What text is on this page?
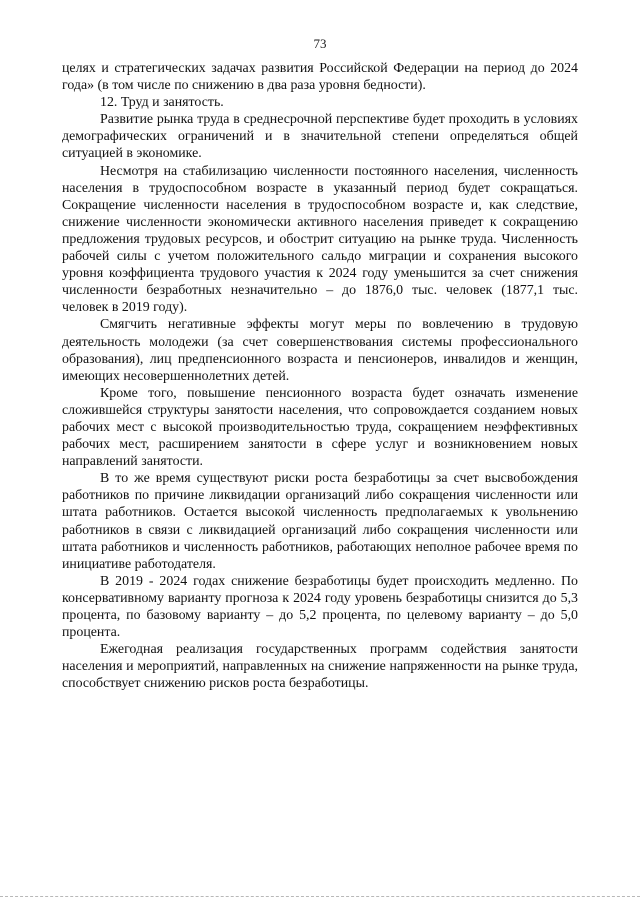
73

целях и стратегических задачах развития Российской Федерации на период до 2024 года» (в том числе по снижению в два раза уровня бедности).

12. Труд и занятость.

Развитие рынка труда в среднесрочной перспективе будет проходить в условиях демографических ограничений и в значительной степени определяться общей ситуацией в экономике.

Несмотря на стабилизацию численности постоянного населения, численность населения в трудоспособном возрасте в указанный период будет сокращаться. Сокращение численности населения в трудоспособном возрасте и, как следствие, снижение численности экономически активного населения приведет к сокращению предложения трудовых ресурсов, и обострит ситуацию на рынке труда. Численность рабочей силы с учетом положительного сальдо миграции и сохранения высокого уровня коэффициента трудового участия к 2024 году уменьшится за счет снижения численности безработных незначительно – до 1876,0 тыс. человек (1877,1 тыс. человек в 2019 году).

Смягчить негативные эффекты могут меры по вовлечению в трудовую деятельность молодежи (за счет совершенствования системы профессионального образования), лиц предпенсионного возраста и пенсионеров, инвалидов и женщин, имеющих несовершеннолетних детей.

Кроме того, повышение пенсионного возраста будет означать изменение сложившейся структуры занятости населения, что сопровождается созданием новых рабочих мест с высокой производительностью труда, сокращением неэффективных рабочих мест, расширением занятости в сфере услуг и возникновением новых направлений занятости.

В то же время существуют риски роста безработицы за счет высвобождения работников по причине ликвидации организаций либо сокращения численности или штата работников. Остается высокой численность предполагаемых к увольнению работников в связи с ликвидацией организаций либо сокращения численности или штата работников и численность работников, работающих неполное рабочее время по инициативе работодателя.

В 2019 - 2024 годах снижение безработицы будет происходить медленно. По консервативному варианту прогноза к 2024 году уровень безработицы снизится до 5,3 процента, по базовому варианту – до 5,2 процента, по целевому варианту – до 5,0 процента.

Ежегодная реализация государственных программ содействия занятости населения и мероприятий, направленных на снижение напряженности на рынке труда, способствует снижению рисков роста безработицы.
